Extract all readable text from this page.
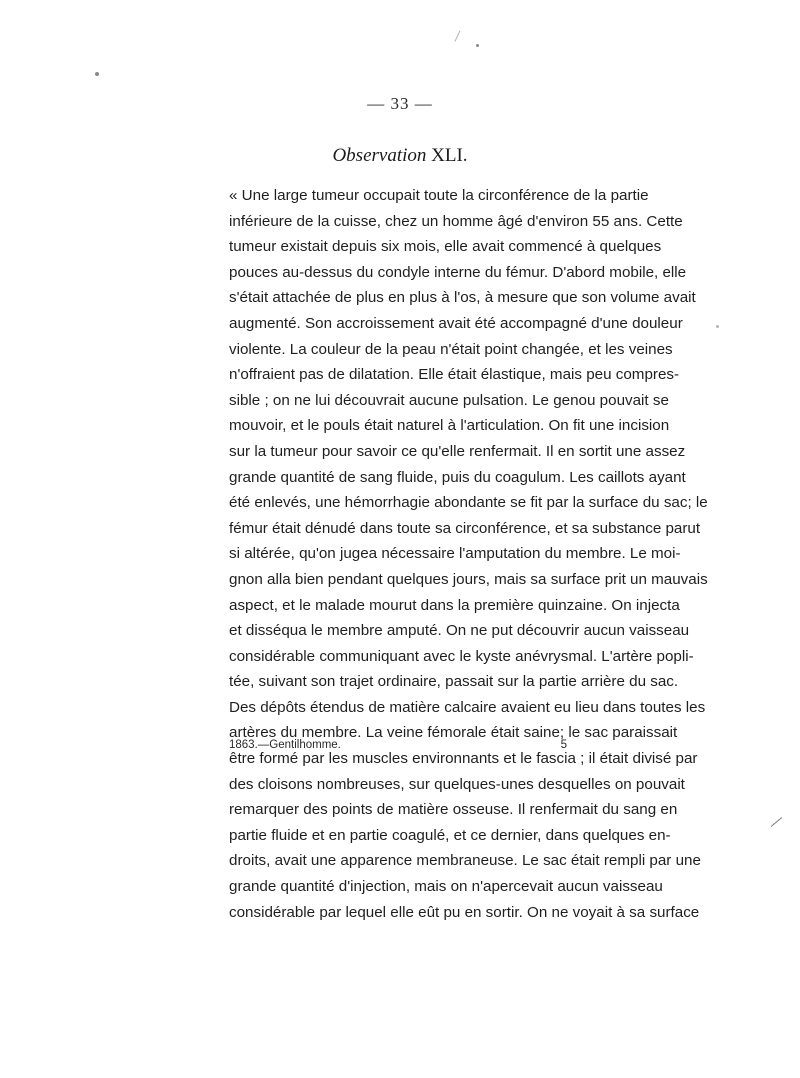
— 33 —
Observation XLI.
« Une large tumeur occupait toute la circonférence de la partie
inférieure de la cuisse, chez un homme âgé d'environ 55 ans. Cette
tumeur existait depuis six mois, elle avait commencé à quelques
pouces au-dessus du condyle interne du fémur. D'abord mobile, elle
s'était attachée de plus en plus à l'os, à mesure que son volume avait
augmenté. Son accroissement avait été accompagné d'une douleur
violente. La couleur de la peau n'était point changée, et les veines
n'offraient pas de dilatation. Elle était élastique, mais peu compres-
sible ; on ne lui découvrait aucune pulsation. Le genou pouvait se
mouvoir, et le pouls était naturel à l'articulation. On fit une incision
sur la tumeur pour savoir ce qu'elle renfermait. Il en sortit une assez
grande quantité de sang fluide, puis du coagulum. Les caillots ayant
été enlevés, une hémorrhagie abondante se fit par la surface du sac; le
fémur était dénudé dans toute sa circonférence, et sa substance parut
si altérée, qu'on jugea nécessaire l'amputation du membre. Le moi-
gnon alla bien pendant quelques jours, mais sa surface prit un mauvais
aspect, et le malade mourut dans la première quinzaine. On injecta
et disséqua le membre amputé. On ne put découvrir aucun vaisseau
considérable communiquant avec le kyste anévrysmal. L'artère popli-
tée, suivant son trajet ordinaire, passait sur la partie arrière du sac.
Des dépôts étendus de matière calcaire avaient eu lieu dans toutes les
artères du membre. La veine fémorale était saine; le sac paraissait
être formé par les muscles environnants et le fascia ; il était divisé par
des cloisons nombreuses, sur quelques-unes desquelles on pouvait
remarquer des points de matière osseuse. Il renfermait du sang en
partie fluide et en partie coagulé, et ce dernier, dans quelques en-
droits, avait une apparence membraneuse. Le sac était rempli par une
grande quantité d'injection, mais on n'apercevait aucun vaisseau
considérable par lequel elle eût pu en sortir. On ne voyait à sa surface
1863.—Gentilhomme.	5
